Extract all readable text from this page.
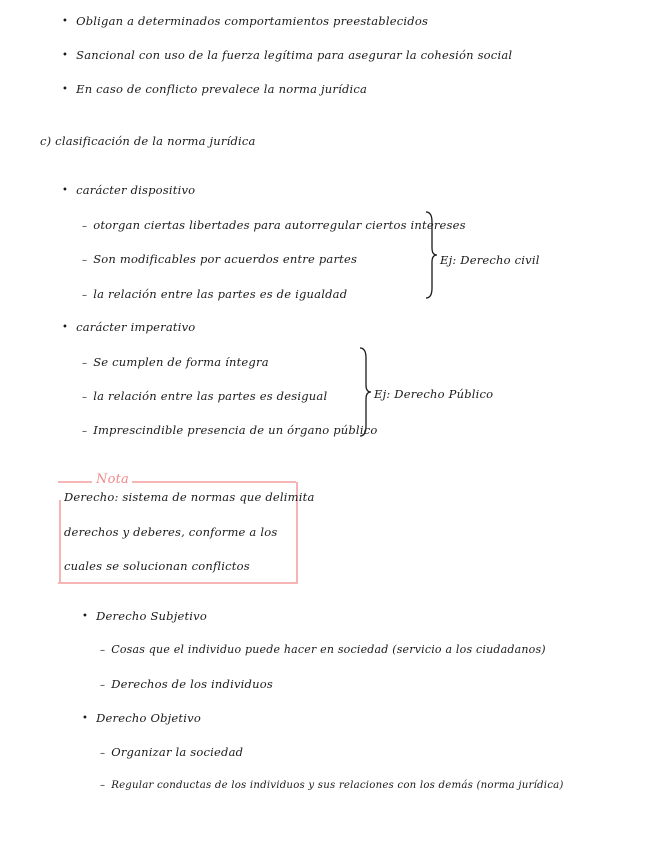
• Obligan a determinados comportamientos preestablecidos
• Sancional con uso de la fuerza legítima para asegurar la cohesión social
• En caso de conflicto prevalece la norma jurídica
c) clasificación de la norma jurídica
• carácter dispositivo
– otorgan ciertas libertades para autorregular ciertos intereses
– Son modificables por acuerdos entre partes
– la relación entre las partes es de igualdad
Ej: Derecho civil
• carácter imperativo
– Se cumplen de forma íntegra
– la relación entre las partes es desigual
– Imprescindible presencia de un órgano público
Ej: Derecho Público
Nota
Derecho: sistema de normas que delimita
derechos y deberes, conforme a los
cuales se solucionan conflictos
• Derecho Subjetivo
– Cosas que el individuo puede hacer en sociedad (servicio a los ciudadanos)
– Derechos de los individuos
• Derecho Objetivo
– Organizar la sociedad
– Regular conductas de los individuos y sus relaciones con los demás (norma jurídica)
